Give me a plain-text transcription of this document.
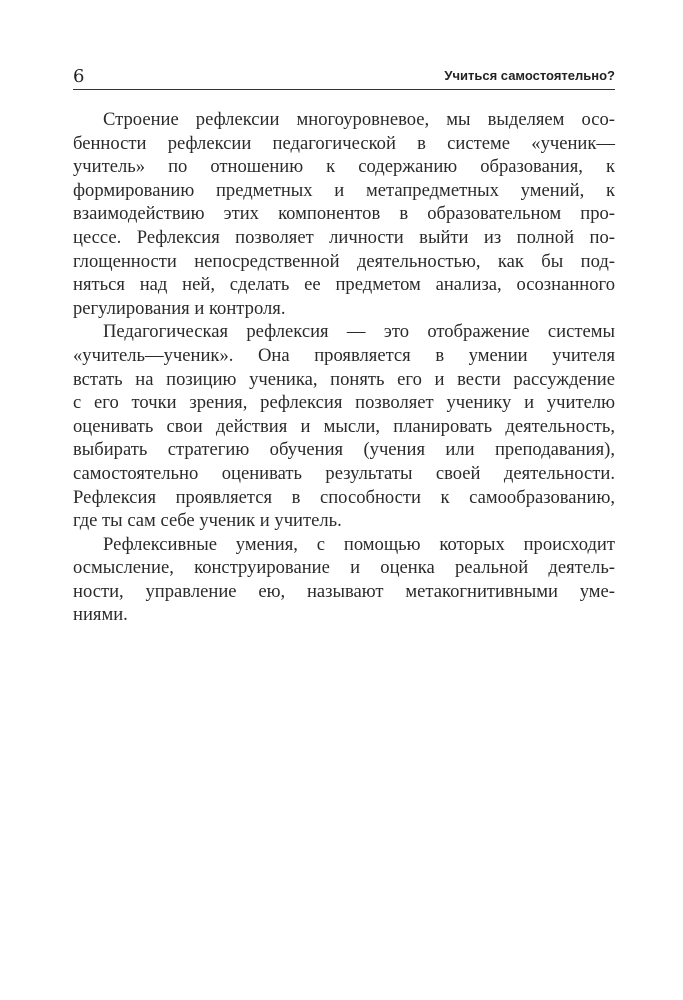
6	Учиться самостоятельно?
Строение рефлексии многоуровневое, мы выделяем осо-
бенности рефлексии педагогической в системе «ученик—
учитель» по отношению к содержанию образования, к
формированию предметных и метапредметных умений, к
взаимодействию этих компонентов в образовательном про-
цессе. Рефлексия позволяет личности выйти из полной по-
глощенности непосредственной деятельностью, как бы под-
няться над ней, сделать ее предметом анализа, осознанного
регулирования и контроля.
Педагогическая рефлексия — это отображение системы
«учитель—ученик». Она проявляется в умении учителя
встать на позицию ученика, понять его и вести рассуждение
с его точки зрения, рефлексия позволяет ученику и учителю
оценивать свои действия и мысли, планировать деятельность,
выбирать стратегию обучения (учения или преподавания),
самостоятельно оценивать результаты своей деятельности.
Рефлексия проявляется в способности к самообразованию,
где ты сам себе ученик и учитель.
Рефлексивные умения, с помощью которых происходит
осмысление, конструирование и оценка реальной деятель-
ности, управление ею, называют метакогнитивными уме-
ниями.
